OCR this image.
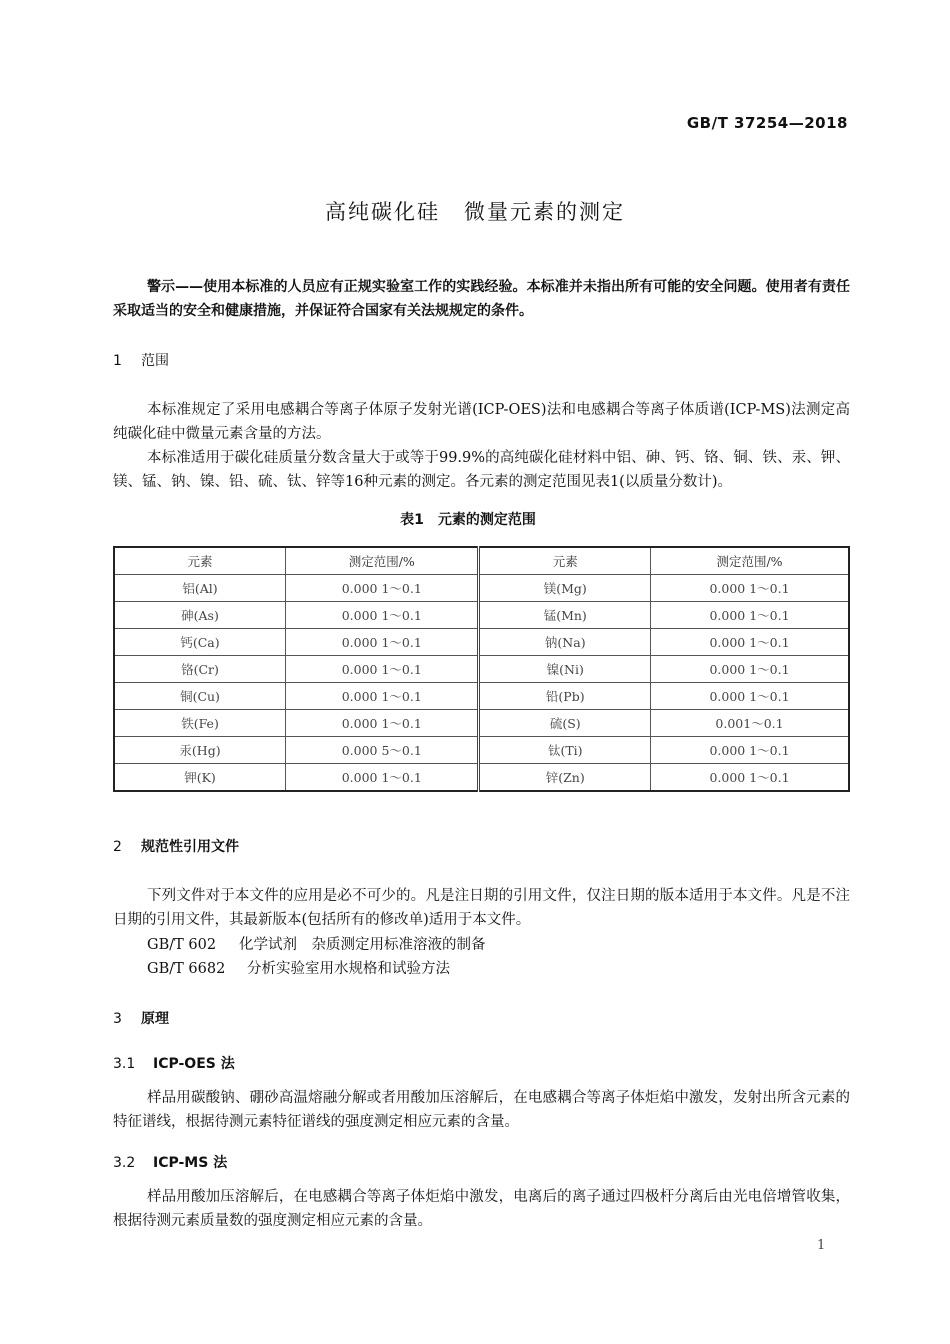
GB/T 37254—2018
高纯碳化硅 微量元素的测定
警示——使用本标准的人员应有正规实验室工作的实践经验。本标准并未指出所有可能的安全问题。使用者有责任采取适当的安全和健康措施，并保证符合国家有关法规规定的条件。
1 范围
本标准规定了采用电感耦合等离子体原子发射光谱(ICP-OES)法和电感耦合等离子体质谱(ICP-MS)法测定高纯碳化硅中微量元素含量的方法。
本标准适用于碳化硅质量分数含量大于或等于99.9%的高纯碳化硅材料中铝、砷、钙、铬、铜、铁、汞、钾、镁、锰、钠、镍、铅、硫、钛、锌等16种元素的测定。各元素的测定范围见表1(以质量分数计)。
表1 元素的测定范围
元素	测定范围/%	元素	测定范围/%
铝(Al)	0.000 1～0.1	镁(Mg)	0.000 1～0.1
砷(As)	0.000 1～0.1	锰(Mn)	0.000 1～0.1
钙(Ca)	0.000 1～0.1	钠(Na)	0.000 1～0.1
铬(Cr)	0.000 1～0.1	镍(Ni)	0.000 1～0.1
铜(Cu)	0.000 1～0.1	铅(Pb)	0.000 1～0.1
铁(Fe)	0.000 1～0.1	硫(S)	0.001～0.1
汞(Hg)	0.000 5～0.1	钛(Ti)	0.000 1～0.1
钾(K)	0.000 1～0.1	锌(Zn)	0.000 1～0.1
2 规范性引用文件
下列文件对于本文件的应用是必不可少的。凡是注日期的引用文件，仅注日期的版本适用于本文件。凡是不注日期的引用文件，其最新版本(包括所有的修改单)适用于本文件。
GB/T 602 化学试剂　杂质测定用标准溶液的制备
GB/T 6682 分析实验室用水规格和试验方法
3 原理
3.1 ICP-OES 法
样品用碳酸钠、硼砂高温熔融分解或者用酸加压溶解后，在电感耦合等离子体炬焰中激发，发射出所含元素的特征谱线，根据待测元素特征谱线的强度测定相应元素的含量。
3.2 ICP-MS 法
样品用酸加压溶解后，在电感耦合等离子体炬焰中激发，电离后的离子通过四极杆分离后由光电倍增管收集，根据待测元素质量数的强度测定相应元素的含量。
1
